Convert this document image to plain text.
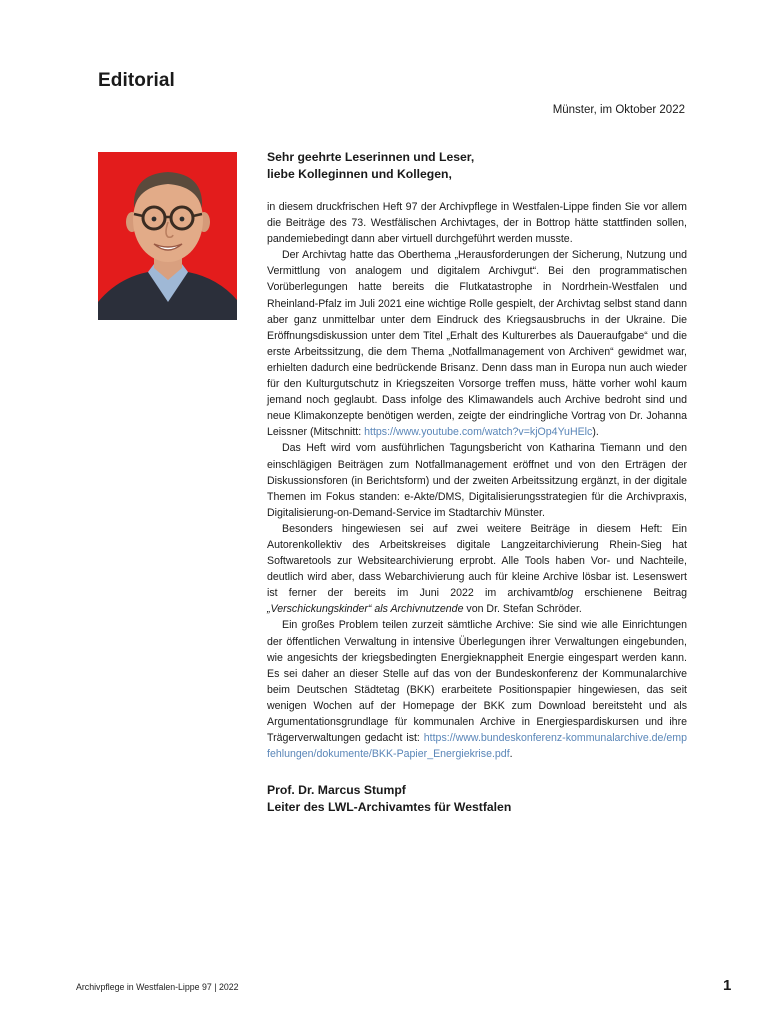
Editorial
Münster, im Oktober 2022
Sehr geehrte Leserinnen und Leser,
liebe Kolleginnen und Kollegen,

in diesem druckfrischen Heft 97 der Archivpflege in Westfalen-Lippe finden Sie vor allem die Beiträge des 73. Westfälischen Archivtages, der in Bottrop hätte stattfinden sollen, pandemiebedingt dann aber virtuell durchgeführt werden musste.

Der Archivtag hatte das Oberthema „Herausforderungen der Sicherung, Nutzung und Vermittlung von analogem und digitalem Archivgut“. Bei den programmatischen Vorüberlegungen hatte bereits die Flutkatastrophe in Nordrhein-Westfalen und Rheinland-Pfalz im Juli 2021 eine wichtige Rolle gespielt, der Archivtag selbst stand dann aber ganz unmittelbar unter dem Eindruck des Kriegsausbruchs in der Ukraine. Die Eröffnungsdiskussion unter dem Titel „Erhalt des Kulturerbes als Daueraufgabe“ und die erste Arbeitssitzung, die dem Thema „Notfallmanagement von Archiven“ gewidmet war, erhielten dadurch eine bedrückende Brisanz. Denn dass man in Europa nun auch wieder für den Kulturgutschutz in Kriegszeiten Vorsorge treffen muss, hätte vorher wohl kaum jemand noch geglaubt. Dass infolge des Klimawandels auch Archive bedroht sind und neue Klimakonzepte benötigen werden, zeigte der eindringliche Vortrag von Dr. Johanna Leissner (Mitschnitt: https://www.youtube.com/watch?v=kjOp4YuHElc).

Das Heft wird vom ausführlichen Tagungsbericht von Katharina Tiemann und den einschlägigen Beiträgen zum Notfallmanagement eröffnet und von den Erträgen der Diskussionsforen (in Berichtsform) und der zweiten Arbeitssitzung ergänzt, in der digitale Themen im Fokus standen: e-Akte/DMS, Digitalisierungsstrategien für die Archivpraxis, Digitalisierung-on-Demand-Service im Stadtarchiv Münster.

Besonders hingewiesen sei auf zwei weitere Beiträge in diesem Heft: Ein Autorenkollektiv des Arbeitskreises digitale Langzeitarchivierung Rhein-Sieg hat Softwaretools zur Websitearchivierung erprobt. Alle Tools haben Vor- und Nachteile, deutlich wird aber, dass Webarchivierung auch für kleine Archive lösbar ist. Lesenswert ist ferner der bereits im Juni 2022 im archivamtblog erschienene Beitrag „Verschickungskinder“ als Archivnutzende von Dr. Stefan Schröder.

Ein großes Problem teilen zurzeit sämtliche Archive: Sie sind wie alle Einrichtungen der öffentlichen Verwaltung in intensive Überlegungen ihrer Verwaltungen eingebunden, wie angesichts der kriegsbedingten Energieknappheit Energie eingespart werden kann. Es sei daher an dieser Stelle auf das von der Bundeskonferenz der Kommunalarchive beim Deutschen Städtetag (BKK) erarbeitete Positionspapier hingewiesen, das seit wenigen Wochen auf der Homepage der BKK zum Download bereitsteht und als Argumentationsgrundlage für kommunalen Archive in Energiespardiskursen und ihre Trägerverwaltungen gedacht ist: https://www.bundeskonferenz-kommunalarchive.de/empfehlungen/dokumente/BKK-Papier_Energiekrise.pdf.

Prof. Dr. Marcus Stumpf
Leiter des LWL-Archivamtes für Westfalen
Archivpflege in Westfalen-Lippe 97 | 2022	1
